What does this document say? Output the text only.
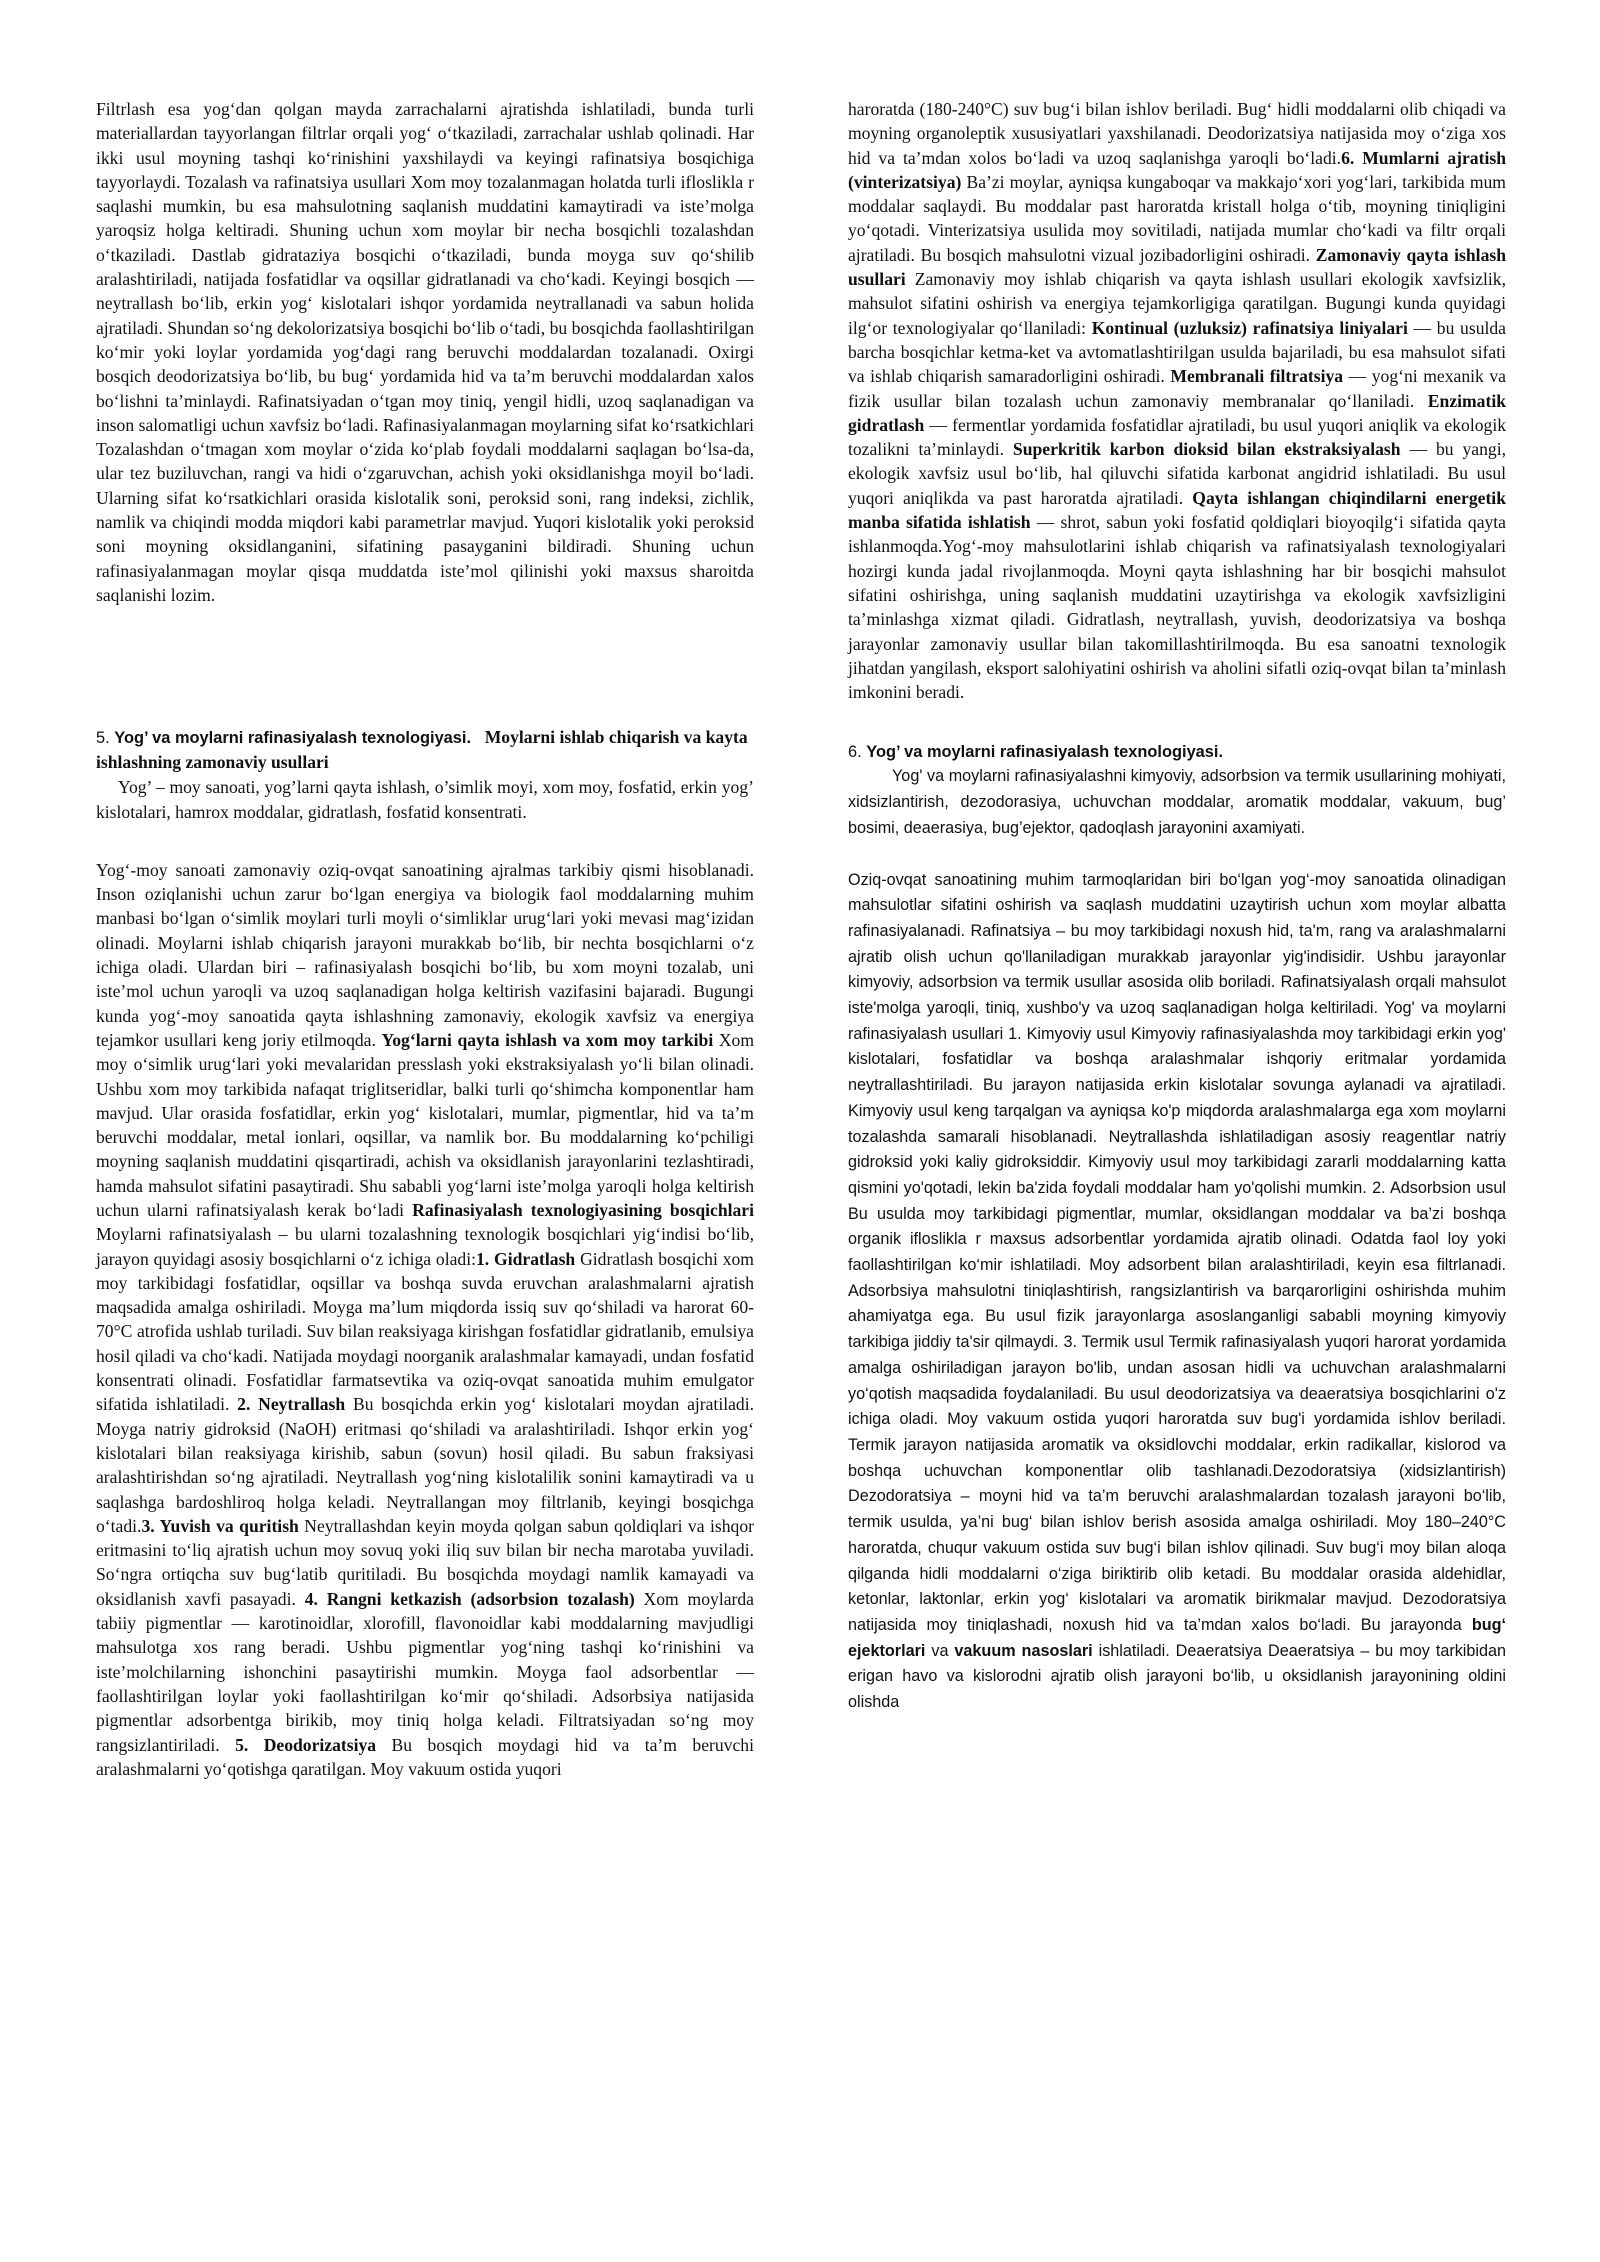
Filtrlash esa yog‘dan qolgan mayda zarrachalarni ajratishda ishlatiladi, bunda turli materiallardan tayyorlangan filtrlar orqali yog‘ o‘tkaziladi, zarrachalar ushlab qolinadi. Har ikki usul moyning tashqi ko‘rinishini yaxshilaydi va keyingi rafinatsiya bosqichiga tayyorlaydi. Tozalash va rafinatsiya usullari Xom moy tozalanmagan holatda turli ifloslikla r saqlashi mumkin, bu esa mahsulotning saqlanish muddatini kamaytiradi va iste’molga yaroqsiz holga keltiradi. Shuning uchun xom moylar bir necha bosqichli tozalashdan o‘tkaziladi. Dastlab gidrataziya bosqichi o‘tkaziladi, bunda moyga suv qo‘shilib aralashtiriladi, natijada fosfatidlar va oqsillar gidratlanadi va cho‘kadi. Keyingi bosqich — neytrallash bo‘lib, erkin yog‘ kislotalari ishqor yordamida neytrallanadi va sabun holida ajratiladi. Shundan so‘ng dekolorizatsiya bosqichi bo‘lib o‘tadi, bu bosqichda faollashtirilgan ko‘mir yoki loylar yordamida yog‘dagi rang beruvchi moddalardan tozalanadi. Oxirgi bosqich deodorizatsiya bo‘lib, bu bug‘ yordamida hid va ta’m beruvchi moddalardan xalos bo‘lishni ta’minlaydi. Rafinatsiyadan o‘tgan moy tiniq, yengil hidli, uzoq saqlanadigan va inson salomatligi uchun xavfsiz bo‘ladi. Rafinasiyalanmagan moylarning sifat ko‘rsatkichlari Tozalashdan o‘tmagan xom moylar o‘zida ko‘plab foydali moddalarni saqlagan bo‘lsa-da, ular tez buziluvchan, rangi va hidi o‘zgaruvchan, achish yoki oksidlanishga moyil bo‘ladi. Ularning sifat ko‘rsatkichlari orasida kislotalik soni, peroksid soni, rang indeksi, zichlik, namlik va chiqindi modda miqdori kabi parametrlar mavjud. Yuqori kislotalik yoki peroksid soni moyning oksidlanganini, sifatining pasayganini bildiradi. Shuning uchun rafinasiyalanmagan moylar qisqa muddatda iste’mol qilinishi yoki maxsus sharoitda saqlanishi lozim.

5. Yog’ va moylarni rafinasiyalash texnologiyasi. Moylarni ishlab chiqarish va kayta ishlashning zamonaviy usullari

Yog’ – moy sanoati, yog’larni qayta ishlash, o’simlik moyi, xom moy, fosfatid, erkin yog’ kislotalari, hamrox moddalar, gidratlash, fosfatid konsentrati.

Yog‘-moy sanoati zamonaviy oziq-ovqat sanoatining ajralmas tarkibiy qismi hisoblanadi. Inson oziqlanishi uchun zarur bo‘lgan energiya va biologik faol moddalarning muhim manbasi bo‘lgan o‘simlik moylari turli moyli o‘simliklar urug‘lari yoki mevasi mag‘izidan olinadi. Moylarni ishlab chiqarish jarayoni murakkab bo‘lib, bir nechta bosqichlarni o‘z ichiga oladi. Ulardan biri – rafinasiyalash bosqichi bo‘lib, bu xom moyni tozalab, uni iste’mol uchun yaroqli va uzoq saqlanadigan holga keltirish vazifasini bajaradi. Bugungi kunda yog‘-moy sanoatida qayta ishlashning zamonaviy, ekologik xavfsiz va energiya tejamkor usullari keng joriy etilmoqda. Yog‘larni qayta ishlash va xom moy tarkibi Xom moy o‘simlik urug‘lari yoki mevalaridan presslash yoki ekstraksiyalash yo‘li bilan olinadi. Ushbu xom moy tarkibida nafaqat triglitseridlar, balki turli qo‘shimcha komponentlar ham mavjud. Ular orasida fosfatidlar, erkin yog‘ kislotalari, mumlar, pigmentlar, hid va ta’m beruvchi moddalar, metal ionlari, oqsillar, va namlik bor. Bu moddalarning ko‘pchiligi moyning saqlanish muddatini qisqartiradi, achish va oksidlanish jarayonlarini tezlashtiradi, hamda mahsulot sifatini pasaytiradi. Shu sababli yog‘larni iste’molga yaroqli holga keltirish uchun ularni rafinatsiyalash kerak bo‘ladi Rafinasiyalash texnologiyasining bosqichlari Moylarni rafinatsiyalash – bu ularni tozalashning texnologik bosqichlari yig‘indisi bo‘lib, jarayon quyidagi asosiy bosqichlarni o‘z ichiga oladi:1. Gidratlash Gidratlash bosqichi xom moy tarkibidagi fosfatidlar, oqsillar va boshqa suvda eruvchan aralashmalarni ajratish maqsadida amalga oshiriladi. Moyga ma’lum miqdorda issiq suv qo‘shiladi va harorat 60-70°C atrofida ushlab turiladi. Suv bilan reaksiyaga kirishgan fosfatidlar gidratlanib, emulsiya hosil qiladi va cho‘kadi. Natijada moydagi noorganik aralashmalar kamayadi, undan fosfatid konsentrati olinadi. Fosfatidlar farmatsevtika va oziq-ovqat sanoatida muhim emulgator sifatida ishlatiladi. 2. Neytrallash Bu bosqichda erkin yog‘ kislotalari moydan ajratiladi. Moyga natriy gidroksid (NaOH) eritmasi qo‘shiladi va aralashtiriladi. Ishqor erkin yog‘ kislotalari bilan reaksiyaga kirishib, sabun (sovun) hosil qiladi. Bu sabun fraksiyasi aralashtirishdan so‘ng ajratiladi. Neytrallash yog‘ning kislotalilik sonini kamaytiradi va u saqlashga bardoshliroq holga keladi. Neytrallangan moy filtrlanib, keyingi bosqichga o‘tadi.3. Yuvish va quritish Neytrallashdan keyin moyda qolgan sabun qoldiqlari va ishqor eritmasini to‘liq ajratish uchun moy sovuq yoki iliq suv bilan bir necha marotaba yuviladi. So‘ngra ortiqcha suv bug‘latib quritiladi. Bu bosqichda moydagi namlik kamayadi va oksidlanish xavfi pasayadi. 4. Rangni ketkazish (adsorbsion tozalash) Xom moylarda tabiiy pigmentlar — karotinoidlar, xlorofill, flavonoidlar kabi moddalarning mavjudligi mahsulotga xos rang beradi. Ushbu pigmentlar yog‘ning tashqi ko‘rinishini va iste’molchilarning ishonchini pasaytirishi mumkin. Moyga faol adsorbentlar — faollashtirilgan loylar yoki faollashtirilgan ko‘mir qo‘shiladi. Adsorbsiya natijasida pigmentlar adsorbentga birikib, moy tiniq holga keladi. Filtratsiyadan so‘ng moy rangsizlantiriladi. 5. Deodorizatsiya Bu bosqich moydagi hid va ta’m beruvchi aralashmalarni yo‘qotishga qaratilgan. Moy vakuum ostida yuqori

haroratda (180-240°C) suv bug‘i bilan ishlov beriladi. Bug‘ hidli moddalarni olib chiqadi va moyning organoleptik xususiyatlari yaxshilanadi. Deodorizatsiya natijasida moy o‘ziga xos hid va ta’mdan xolos bo‘ladi va uzoq saqlanishga yaroqli bo‘ladi.6. Mumlarni ajratish (vinterizatsiya) Ba’zi moylar, ayniqsa kungaboqar va makkajo‘xori yog‘lari, tarkibida mum moddalar saqlaydi. Bu moddalar past haroratda kristall holga o‘tib, moyning tiniqligini yo‘qotadi. Vinterizatsiya usulida moy sovitiladi, natijada mumlar cho‘kadi va filtr orqali ajratiladi. Bu bosqich mahsulotni vizual jozibadorligini oshiradi. Zamonaviy qayta ishlash usullari Zamonaviy moy ishlab chiqarish va qayta ishlash usullari ekologik xavfsizlik, mahsulot sifatini oshirish va energiya tejamkorligiga qaratilgan. Bugungi kunda quyidagi ilg‘or texnologiyalar qo‘llaniladi: Kontinual (uzluksiz) rafinatsiya liniyalari — bu usulda barcha bosqichlar ketma-ket va avtomatlashtirilgan usulda bajariladi, bu esa mahsulot sifati va ishlab chiqarish samaradorligini oshiradi. Membranali filtratsiya — yog‘ni mexanik va fizik usullar bilan tozalash uchun zamonaviy membranalar qo‘llaniladi. Enzimatik gidratlash — fermentlar yordamida fosfatidlar ajratiladi, bu usul yuqori aniqlik va ekologik tozalikni ta’minlaydi. Superkritik karbon dioksid bilan ekstraksiyalash — bu yangi, ekologik xavfsiz usul bo‘lib, hal qiluvchi sifatida karbonat angidrid ishlatiladi. Bu usul yuqori aniqlikda va past haroratda ajratiladi. Qayta ishlangan chiqindilarni energetik manba sifatida ishlatish — shrot, sabun yoki fosfatid qoldiqlari bioyoqilg‘i sifatida qayta ishlanmoqda.Yog‘-moy mahsulotlarini ishlab chiqarish va rafinatsiyalash texnologiyalari hozirgi kunda jadal rivojlanmoqda. Moyni qayta ishlashning har bir bosqichi mahsulot sifatini oshirishga, uning saqlanish muddatini uzaytirishga va ekologik xavfsizligini ta’minlashga xizmat qiladi. Gidratlash, neytrallash, yuvish, deodorizatsiya va boshqa jarayonlar zamonaviy usullar bilan takomillashtirilmoqda. Bu esa sanoatni texnologik jihatdan yangilash, eksport salohiyatini oshirish va aholini sifatli oziq-ovqat bilan ta’minlash imkonini beradi.

6. Yog’ va moylarni rafinasiyalash texnologiyasi.

Yog' va moylarni rafinasiyalashni kimyoviy, adsorbsion va termik usullarining mohiyati, xidsizlantirish, dezodorasiya, uchuvchan moddalar, aromatik moddalar, vakuum, bug’ bosimi, deaerasiya, bug’ejektor, qadoqlash jarayonini axamiyati.

Oziq-ovqat sanoatining muhim tarmoqlaridan biri bo‘lgan yog‘-moy sanoatida olinadigan mahsulotlar sifatini oshirish va saqlash muddatini uzaytirish uchun xom moylar albatta rafinasiyalanadi. Rafinatsiya – bu moy tarkibidagi noxush hid, ta'm, rang va aralashmalarni ajratib olish uchun qo'llaniladigan murakkab jarayonlar yig'indisidir. Ushbu jarayonlar kimyoviy, adsorbsion va termik usullar asosida olib boriladi. Rafinatsiyalash orqali mahsulot iste'molga yaroqli, tiniq, xushbo'y va uzoq saqlanadigan holga keltiriladi. Yog' va moylarni rafinasiyalash usullari 1. Kimyoviy usul Kimyoviy rafinasiyalashda moy tarkibidagi erkin yog' kislotalari, fosfatidlar va boshqa aralashmalar ishqoriy eritmalar yordamida neytrallashtiriladi. Bu jarayon natijasida erkin kislotalar sovunga aylanadi va ajratiladi. Kimyoviy usul keng tarqalgan va ayniqsa ko'p miqdorda aralashmalarga ega xom moylarni tozalashda samarali hisoblanadi. Neytrallashda ishlatiladigan asosiy reagentlar natriy gidroksid yoki kaliy gidroksiddir. Kimyoviy usul moy tarkibidagi zararli moddalarning katta qismini yo'qotadi, lekin ba'zida foydali moddalar ham yo'qolishi mumkin. 2. Adsorbsion usul Bu usulda moy tarkibidagi pigmentlar, mumlar, oksidlangan moddalar va ba’zi boshqa organik ifloslikla r maxsus adsorbentlar yordamida ajratib olinadi. Odatda faol loy yoki faollashtirilgan ko‘mir ishlatiladi. Moy adsorbent bilan aralashtiriladi, keyin esa filtrlanadi. Adsorbsiya mahsulotni tiniqlashtirish, rangsizlantirish va barqarorligini oshirishda muhim ahamiyatga ega. Bu usul fizik jarayonlarga asoslanganligi sababli moyning kimyoviy tarkibiga jiddiy ta'sir qilmaydi. 3. Termik usul Termik rafinasiyalash yuqori harorat yordamida amalga oshiriladigan jarayon bo'lib, undan asosan hidli va uchuvchan aralashmalarni yo‘qotish maqsadida foydalaniladi. Bu usul deodorizatsiya va deaeratsiya bosqichlarini o'z ichiga oladi. Moy vakuum ostida yuqori haroratda suv bug'i yordamida ishlov beriladi. Termik jarayon natijasida aromatik va oksidlovchi moddalar, erkin radikallar, kislorod va boshqa uchuvchan komponentlar olib tashlanadi.Dezodoratsiya (xidsizlantirish) Dezodoratsiya – moyni hid va ta’m beruvchi aralashmalardan tozalash jarayoni bo‘lib, termik usulda, ya’ni bug‘ bilan ishlov berish asosida amalga oshiriladi. Moy 180–240°C haroratda, chuqur vakuum ostida suv bug‘i bilan ishlov qilinadi. Suv bug‘i moy bilan aloqa qilganda hidli moddalarni o‘ziga biriktirib olib ketadi. Bu moddalar orasida aldehidlar, ketonlar, laktonlar, erkin yog‘ kislotalari va aromatik birikmalar mavjud. Dezodoratsiya natijasida moy tiniqlashadi, noxush hid va ta’mdan xalos bo‘ladi. Bu jarayonda bug‘ ejektorlari va vakuum nasoslari ishlatiladi. Deaeratsiya Deaeratsiya – bu moy tarkibidan erigan havo va kislorodni ajratib olish jarayoni bo‘lib, u oksidlanish jarayonining oldini olishda
